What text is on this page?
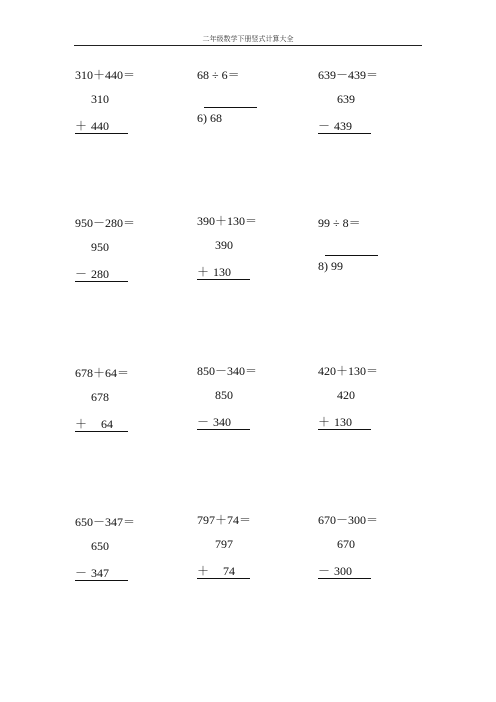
二年级数学下册竖式计算大全
310＋440＝
310
＋ 440
68 ÷ 6＝
6) 68
639－439＝
639
－ 439
950－280＝
950
－ 280
390＋130＝
390
＋ 130
99 ÷ 8＝
8) 99
678＋64＝
678
＋ 64
850－340＝
850
－ 340
420＋130＝
420
＋ 130
650－347＝
650
－ 347
797＋74＝
797
＋ 74
670－300＝
670
－ 300
